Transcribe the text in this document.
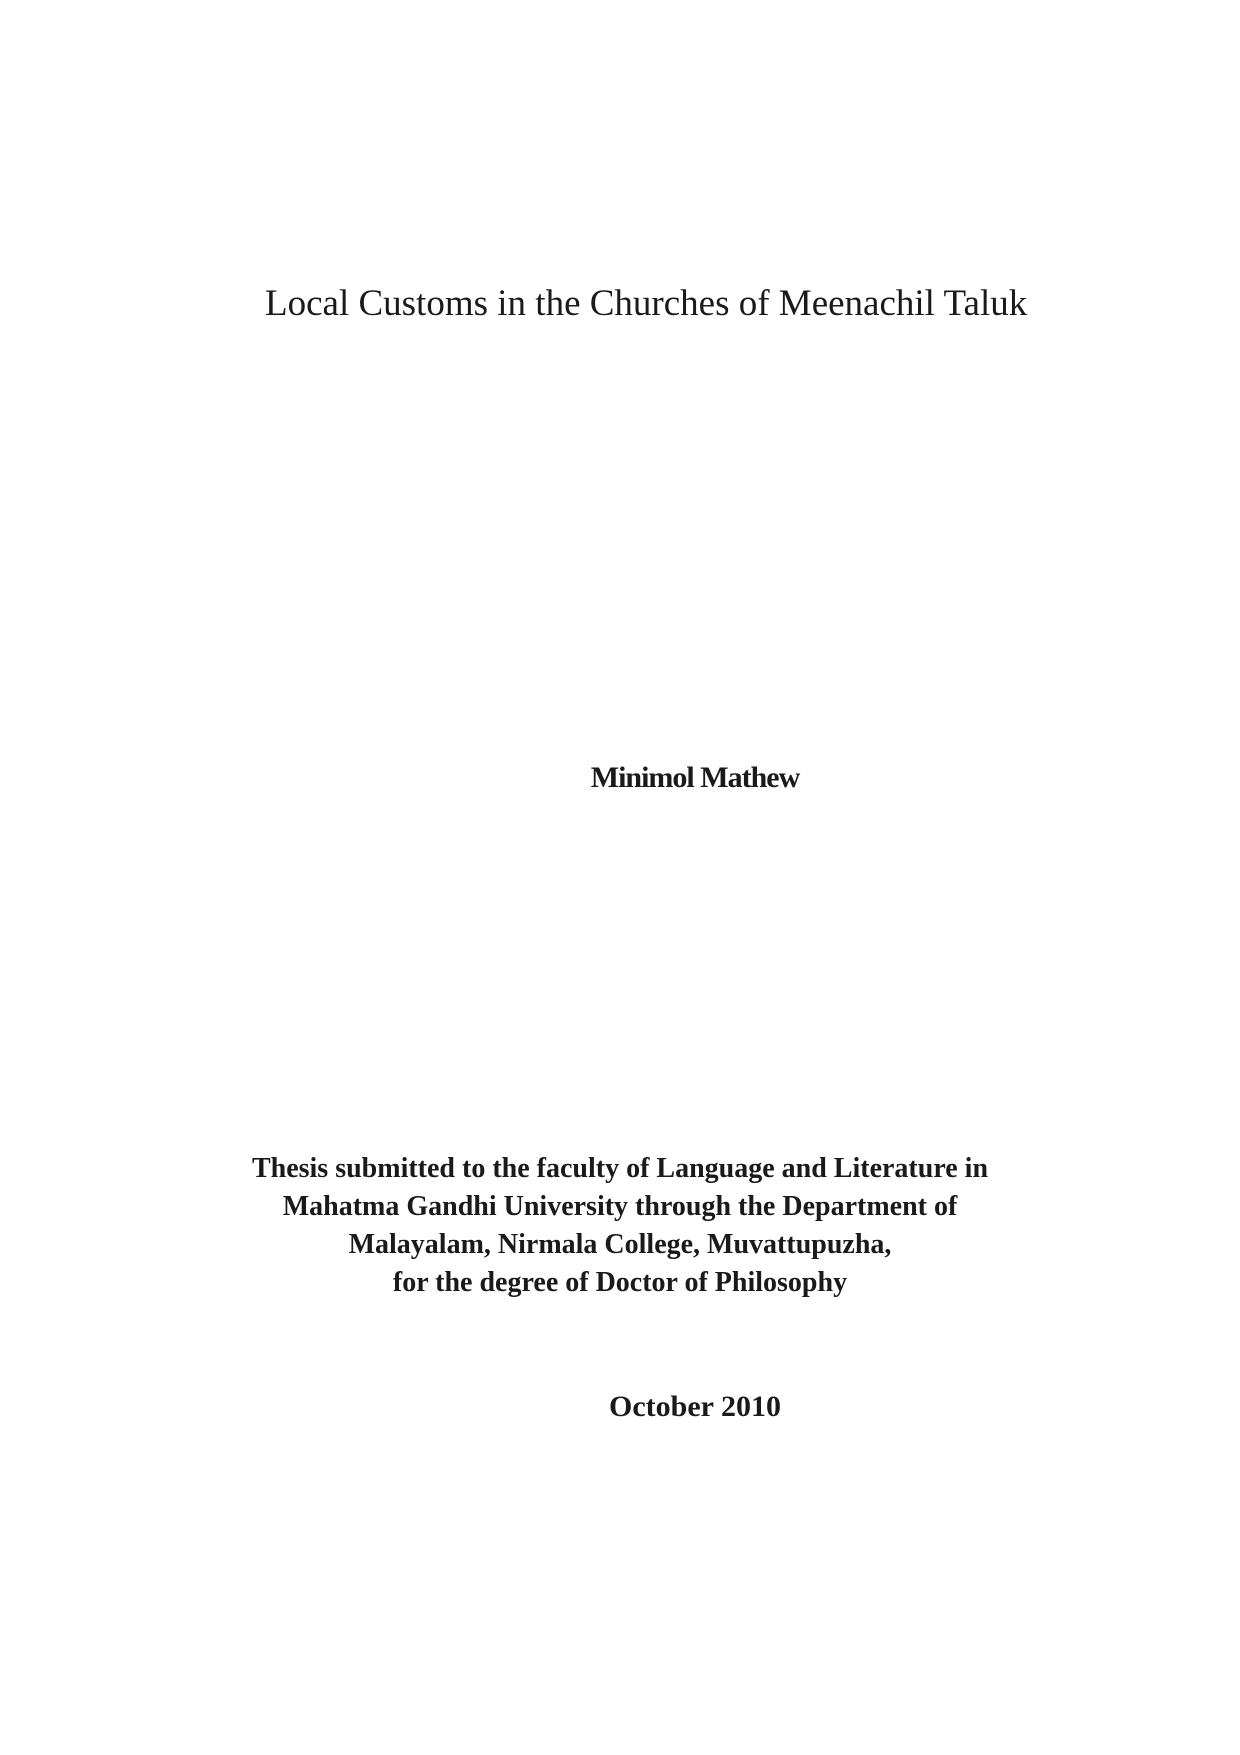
Local Customs in the Churches of Meenachil Taluk
Minimol Mathew
Thesis submitted to the faculty of Language and Literature in
Mahatma Gandhi University through the Department of
Malayalam, Nirmala College, Muvattupuzha,
for the degree of Doctor of Philosophy
October 2010
